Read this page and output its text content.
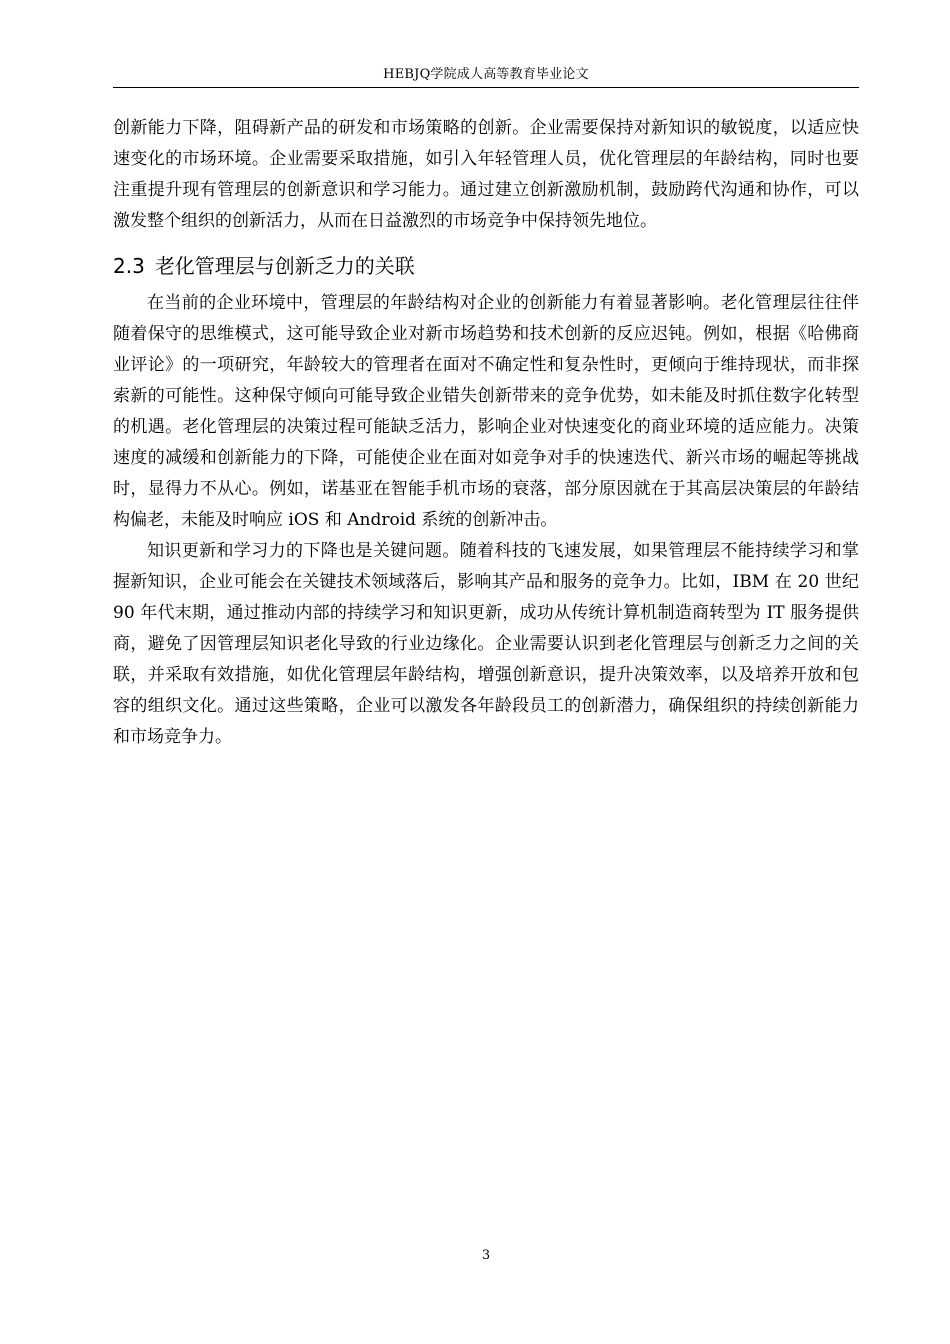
HEBJQ学院成人高等教育毕业论文

创新能力下降，阻碍新产品的研发和市场策略的创新。企业需要保持对新知识的敏锐度，以适应快速变化的市场环境。企业需要采取措施，如引入年轻管理人员，优化管理层的年龄结构，同时也要注重提升现有管理层的创新意识和学习能力。通过建立创新激励机制，鼓励跨代沟通和协作，可以激发整个组织的创新活力，从而在日益激烈的市场竞争中保持领先地位。

2.3 老化管理层与创新乏力的关联

在当前的企业环境中，管理层的年龄结构对企业的创新能力有着显著影响。老化管理层往往伴随着保守的思维模式，这可能导致企业对新市场趋势和技术创新的反应迟钝。例如，根据《哈佛商业评论》的一项研究，年龄较大的管理者在面对不确定性和复杂性时，更倾向于维持现状，而非探索新的可能性。这种保守倾向可能导致企业错失创新带来的竞争优势，如未能及时抓住数字化转型的机遇。老化管理层的决策过程可能缺乏活力，影响企业对快速变化的商业环境的适应能力。决策速度的减缓和创新能力的下降，可能使企业在面对如竞争对手的快速迭代、新兴市场的崛起等挑战时，显得力不从心。例如，诺基亚在智能手机市场的衰落，部分原因就在于其高层决策层的年龄结构偏老，未能及时响应 iOS 和 Android 系统的创新冲击。

知识更新和学习力的下降也是关键问题。随着科技的飞速发展，如果管理层不能持续学习和掌握新知识，企业可能会在关键技术领域落后，影响其产品和服务的竞争力。比如，IBM 在 20 世纪 90 年代末期，通过推动内部的持续学习和知识更新，成功从传统计算机制造商转型为 IT 服务提供商，避免了因管理层知识老化导致的行业边缘化。企业需要认识到老化管理层与创新乏力之间的关联，并采取有效措施，如优化管理层年龄结构，增强创新意识，提升决策效率，以及培养开放和包容的组织文化。通过这些策略，企业可以激发各年龄段员工的创新潜力，确保组织的持续创新能力和市场竞争力。

3
